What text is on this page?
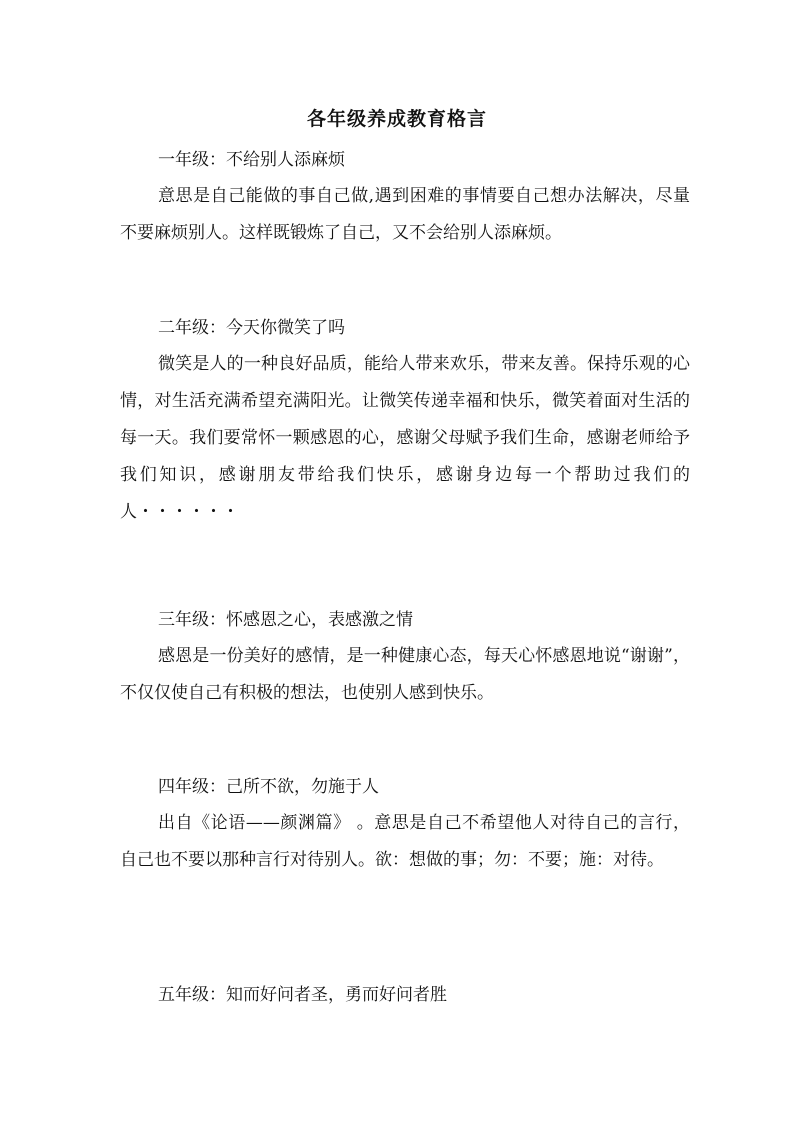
各年级养成教育格言
一年级：不给别人添麻烦
意思是自己能做的事自己做,遇到困难的事情要自己想办法解决，尽量不要麻烦别人。这样既锻炼了自己，又不会给别人添麻烦。
二年级：今天你微笑了吗
微笑是人的一种良好品质，能给人带来欢乐，带来友善。保持乐观的心情，对生活充满希望充满阳光。让微笑传递幸福和快乐，微笑着面对生活的每一天。我们要常怀一颗感恩的心，感谢父母赋予我们生命，感谢老师给予我们知识，感谢朋友带给我们快乐，感谢身边每一个帮助过我们的人・・・・・・
三年级：怀感恩之心，表感激之情
感恩是一份美好的感情，是一种健康心态，每天心怀感恩地说“谢谢”，不仅仅使自己有积极的想法，也使别人感到快乐。
四年级：己所不欲，勿施于人
出自《论语——颜渊篇》 。意思是自己不希望他人对待自己的言行，自己也不要以那种言行对待别人。欲：想做的事；勿：不要；施：对待。
五年级：知而好问者圣，勇而好问者胜
